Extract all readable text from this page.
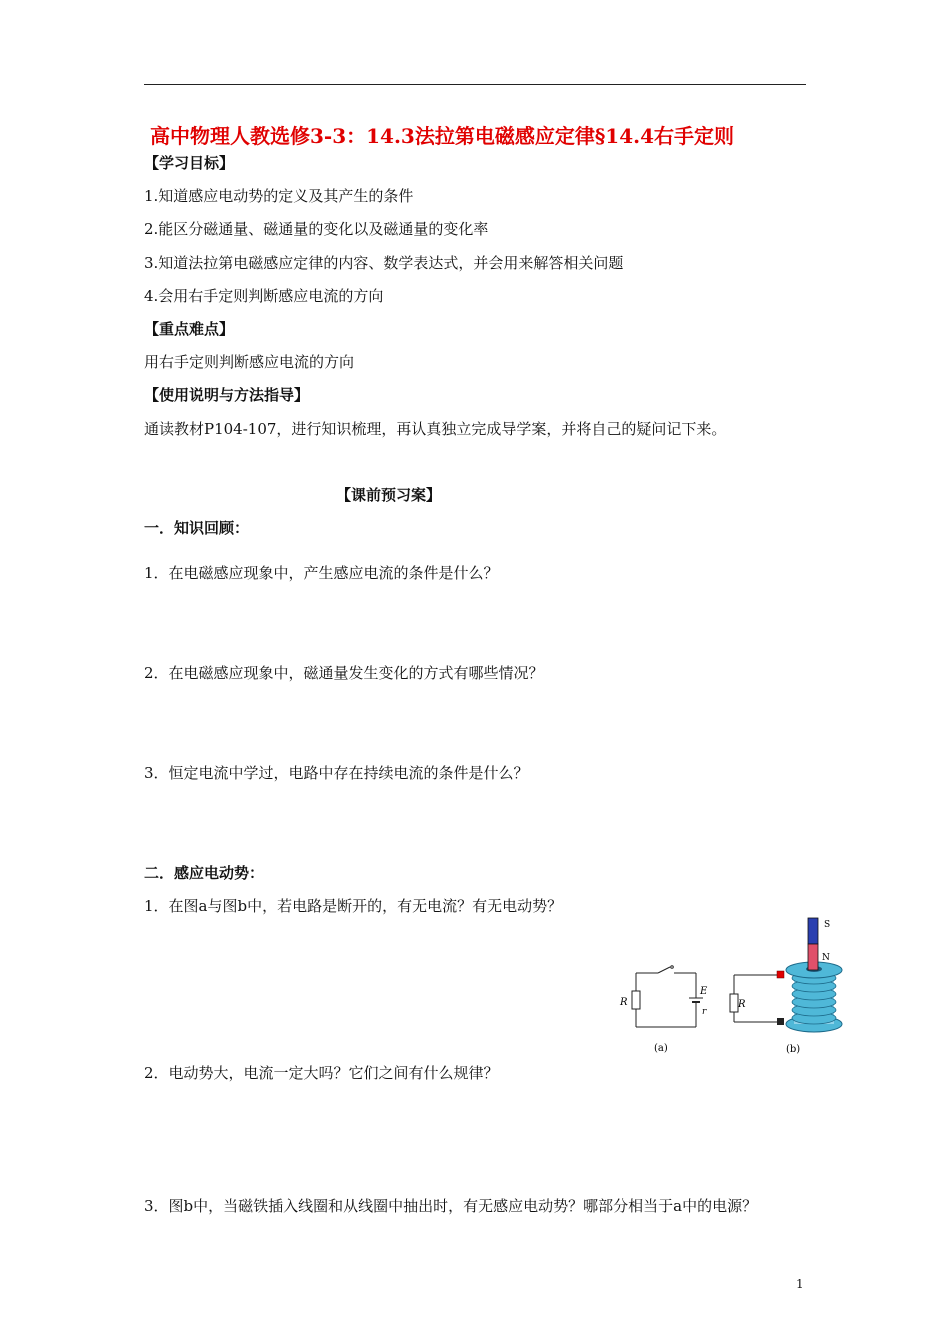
高中物理人教选修3-3：14.3法拉第电磁感应定律§14.4右手定则
【学习目标】
1.知道感应电动势的定义及其产生的条件
2.能区分磁通量、磁通量的变化以及磁通量的变化率
3.知道法拉第电磁感应定律的内容、数学表达式，并会用来解答相关问题
4.会用右手定则判断感应电流的方向
【重点难点】
用右手定则判断感应电流的方向
【使用说明与方法指导】
通读教材P104-107，进行知识梳理，再认真独立完成导学案，并将自己的疑问记下来。
【课前预习案】
一．知识回顾：
1．在电磁感应现象中，产生感应电流的条件是什么？
2．在电磁感应现象中，磁通量发生变化的方式有哪些情况？
3．恒定电流中学过，电路中存在持续电流的条件是什么？
二．感应电动势：
1．在图a与图b中，若电路是断开的，有无电流？有无电动势？
2．电动势大，电流一定大吗？它们之间有什么规律？
3．图b中，当磁铁插入线圈和从线圈中抽出时，有无感应电动势？哪部分相当于a中的电源？
R
E
r
(a)
R
S
N
(b)
1
